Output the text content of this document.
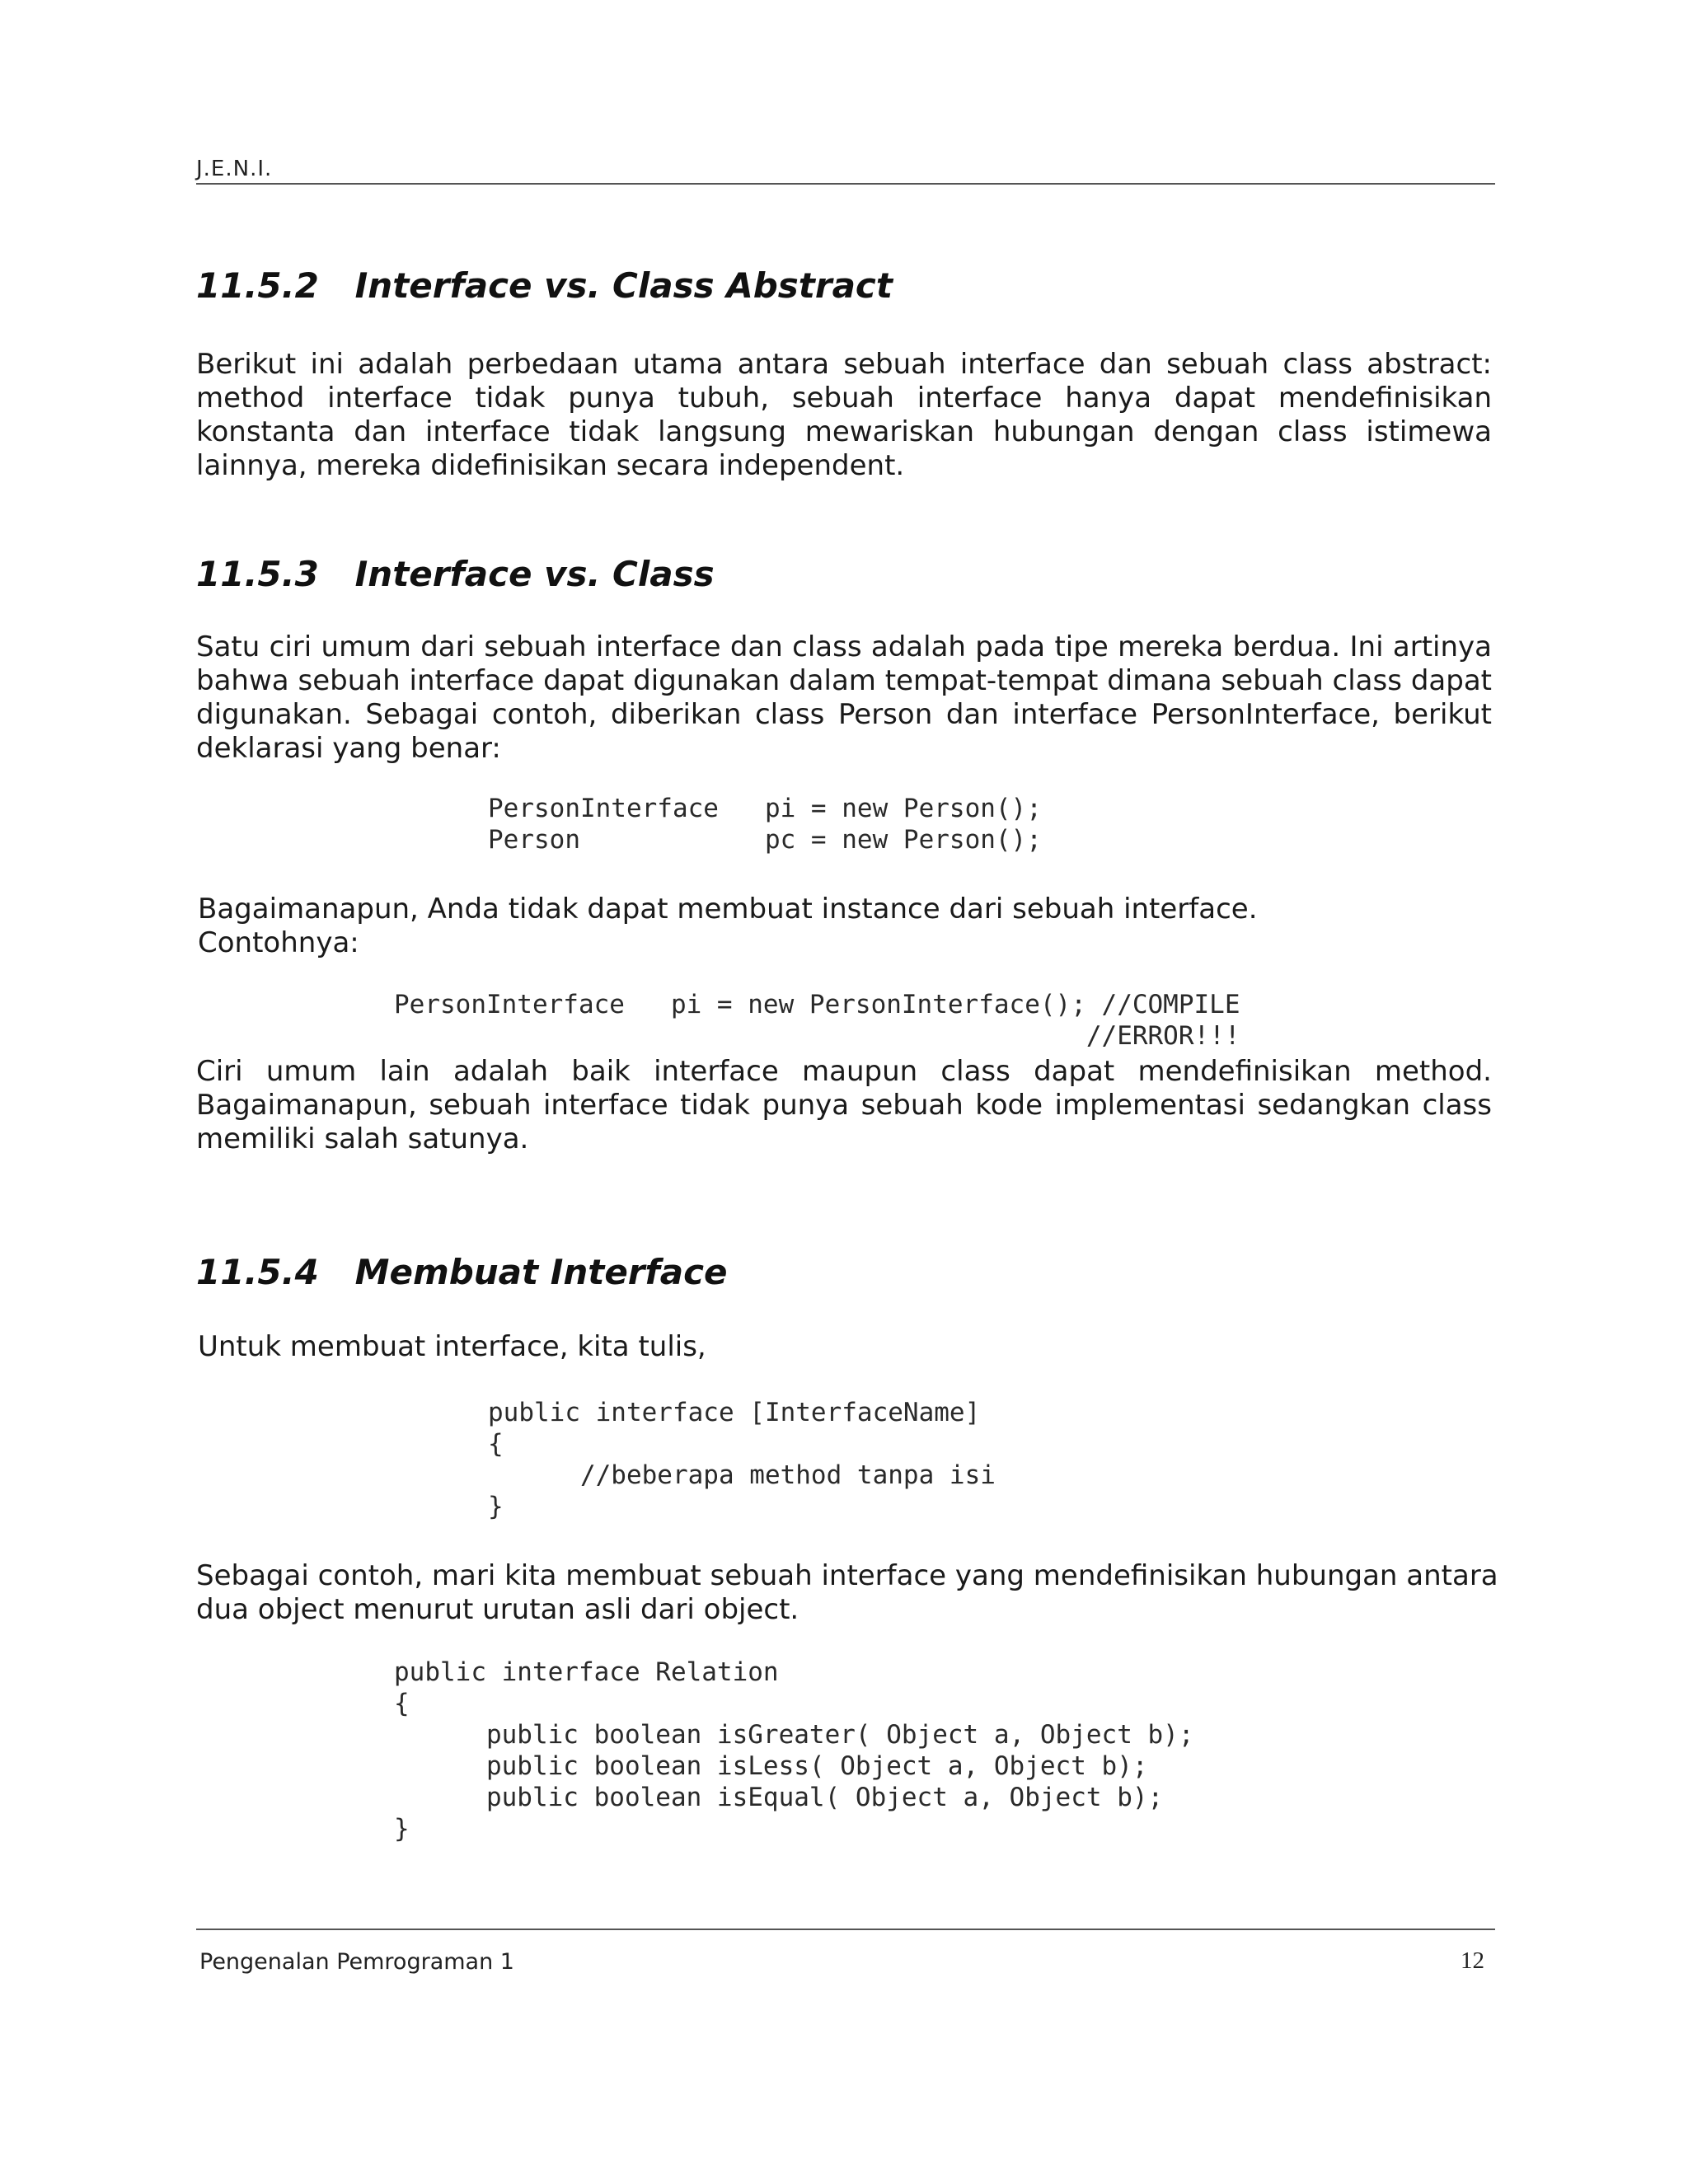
J.E.N.I.
11.5.2   Interface vs. Class Abstract
Berikut ini adalah perbedaan utama antara sebuah interface dan sebuah class abstract:
method interface tidak punya tubuh, sebuah interface hanya dapat mendefinisikan
konstanta dan interface tidak langsung mewariskan hubungan dengan class istimewa
lainnya, mereka didefinisikan secara independent.
11.5.3   Interface vs. Class
Satu ciri umum dari sebuah interface dan class adalah pada tipe mereka berdua. Ini artinya
bahwa sebuah interface dapat digunakan dalam tempat-tempat dimana sebuah class dapat
digunakan. Sebagai contoh, diberikan class Person dan interface PersonInterface, berikut
deklarasi yang benar:
PersonInterface   pi = new Person();
Person            pc = new Person();
Bagaimanapun, Anda tidak dapat membuat instance dari sebuah interface.
Contohnya:
PersonInterface   pi = new PersonInterface(); //COMPILE
//ERROR!!!
Ciri umum lain adalah baik interface maupun class dapat mendefinisikan method.
Bagaimanapun, sebuah interface tidak punya sebuah kode implementasi sedangkan class
memiliki salah satunya.
11.5.4   Membuat Interface
Untuk membuat interface, kita tulis,
public interface [InterfaceName]
{
//beberapa method tanpa isi
}
Sebagai contoh, mari kita membuat sebuah interface yang mendefinisikan hubungan antara
dua object menurut urutan asli dari object.
public interface Relation
{
public boolean isGreater( Object a, Object b);
public boolean isLess( Object a, Object b);
public boolean isEqual( Object a, Object b);
}
Pengenalan Pemrograman 1	12
